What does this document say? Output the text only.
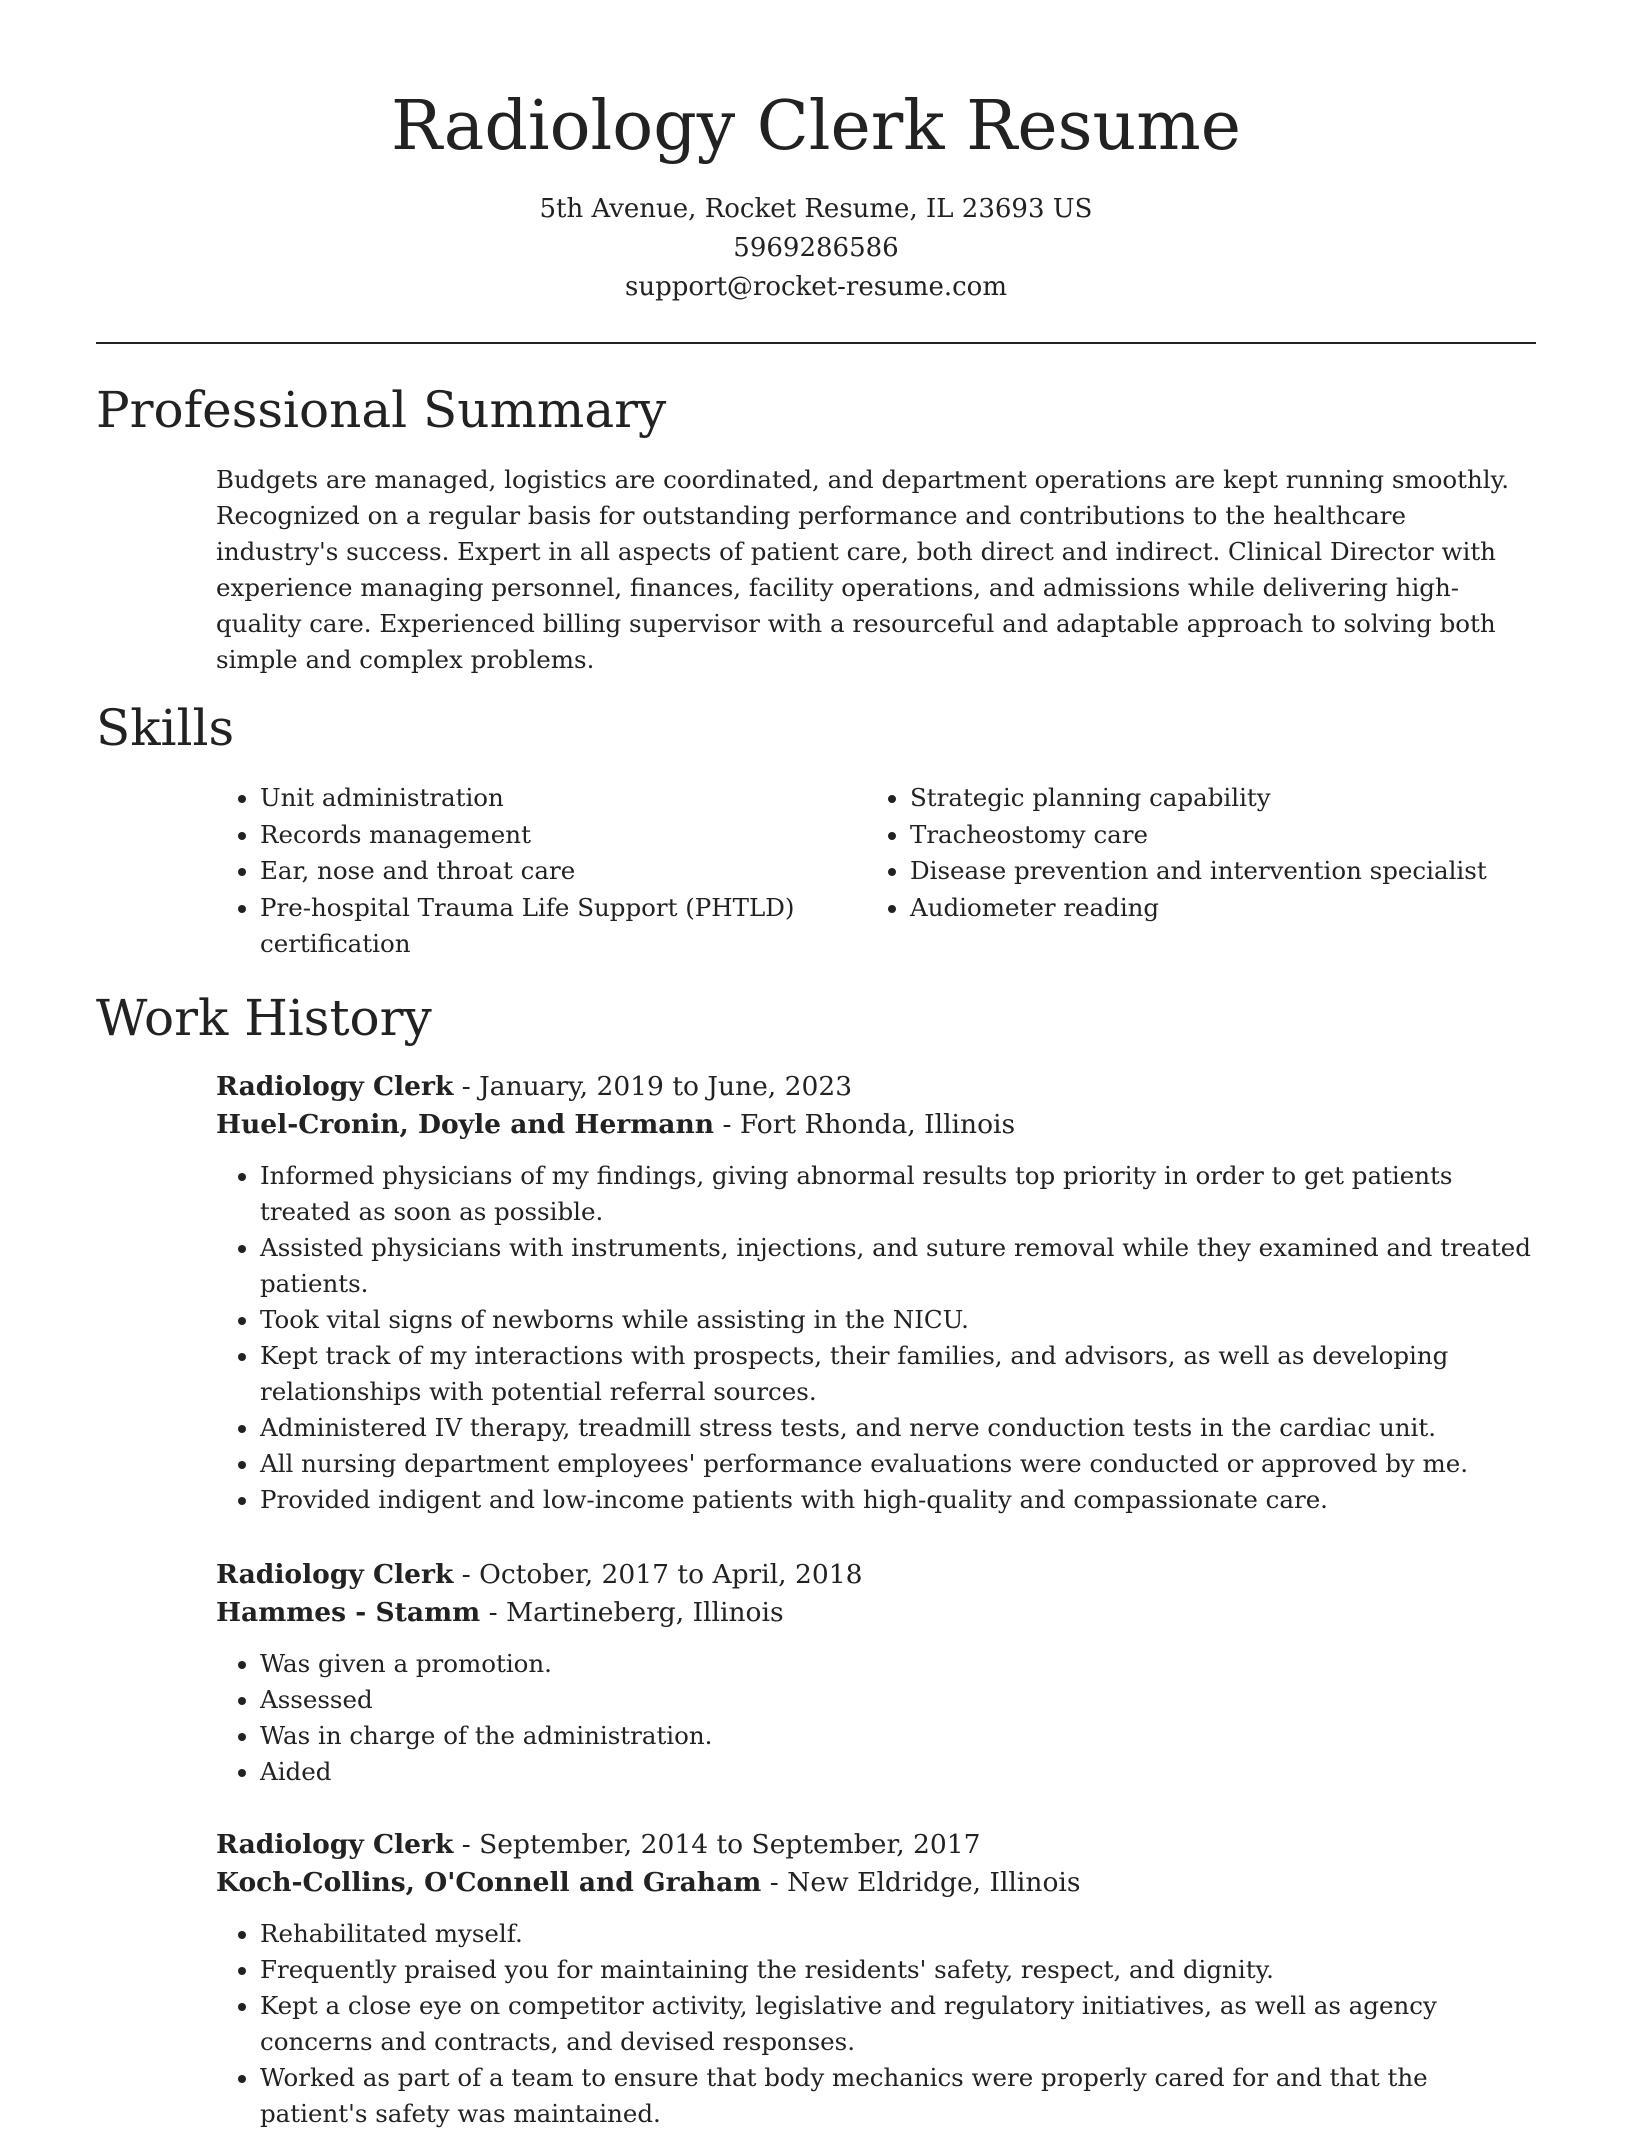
Radiology Clerk Resume
5th Avenue, Rocket Resume, IL 23693 US
5969286586
support@rocket-resume.com
Professional Summary

Budgets are managed, logistics are coordinated, and department operations are kept running smoothly. Recognized on a regular basis for outstanding performance and contributions to the healthcare industry's success. Expert in all aspects of patient care, both direct and indirect. Clinical Director with experience managing personnel, finances, facility operations, and admissions while delivering high-quality care. Experienced billing supervisor with a resourceful and adaptable approach to solving both simple and complex problems.

Skills
• Unit administration
• Records management
• Ear, nose and throat care
• Pre-hospital Trauma Life Support (PHTLD) certification
• Strategic planning capability
• Tracheostomy care
• Disease prevention and intervention specialist
• Audiometer reading
Work History
Radiology Clerk - January, 2019 to June, 2023
Huel-Cronin, Doyle and Hermann - Fort Rhonda, Illinois
• Informed physicians of my findings, giving abnormal results top priority in order to get patients treated as soon as possible.
• Assisted physicians with instruments, injections, and suture removal while they examined and treated patients.
• Took vital signs of newborns while assisting in the NICU.
• Kept track of my interactions with prospects, their families, and advisors, as well as developing relationships with potential referral sources.
• Administered IV therapy, treadmill stress tests, and nerve conduction tests in the cardiac unit.
• All nursing department employees' performance evaluations were conducted or approved by me.
• Provided indigent and low-income patients with high-quality and compassionate care.
Radiology Clerk - October, 2017 to April, 2018
Hammes - Stamm - Martineberg, Illinois
• Was given a promotion.
• Assessed
• Was in charge of the administration.
• Aided
Radiology Clerk - September, 2014 to September, 2017
Koch-Collins, O'Connell and Graham - New Eldridge, Illinois
• Rehabilitated myself.
• Frequently praised you for maintaining the residents' safety, respect, and dignity.
• Kept a close eye on competitor activity, legislative and regulatory initiatives, as well as agency concerns and contracts, and devised responses.
• Worked as part of a team to ensure that body mechanics were properly cared for and that the patient's safety was maintained.
